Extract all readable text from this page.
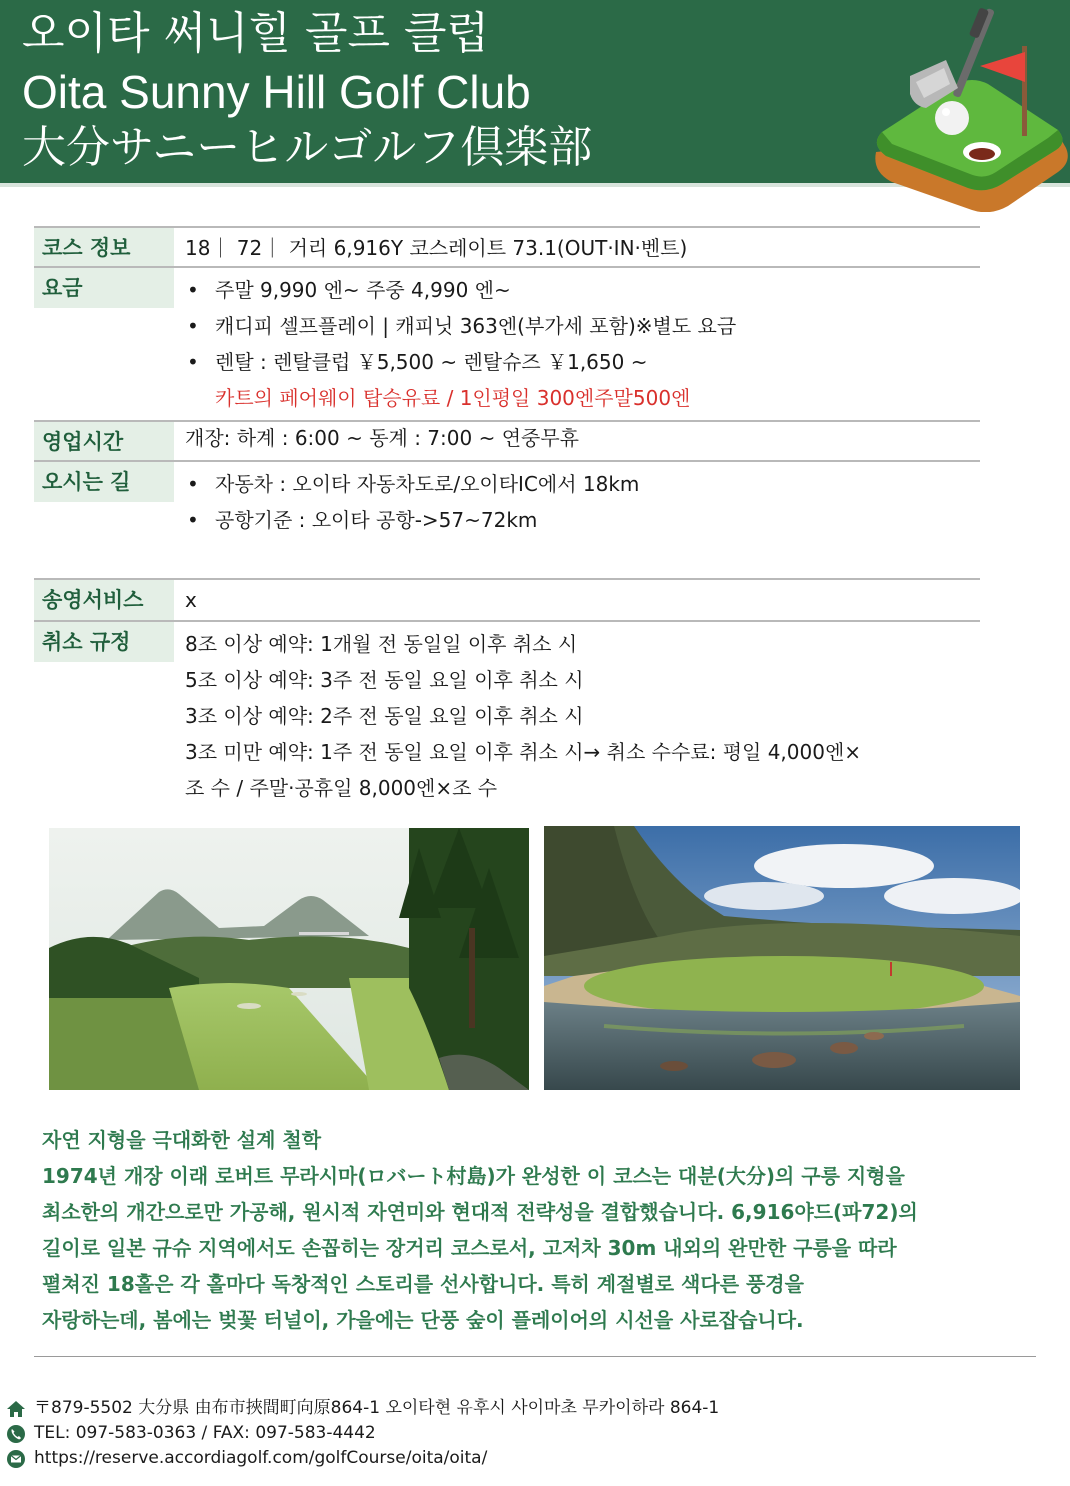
오이타 써니힐 골프 클럽
Oita Sunny Hill Golf Club
大分サニーヒルゴルフ倶楽部
코스 정보	18｜ 72｜ 거리 6,916Y 코스레이트 73.1(OUT·IN·벤트)
요금	• 주말 9,990 엔~ 주중 4,990 엔~
• 캐디피 셀프플레이 | 캐피닛 363엔(부가세 포함)※별도 요금
• 렌탈 : 렌탈클럽 ￥5,500 ~ 렌탈슈즈 ￥1,650 ~
카트의 페어웨이 탑승유료 / 1인평일 300엔주말500엔
영업시간	개장: 하계 : 6:00 ~ 동계 : 7:00 ~ 연중무휴
오시는 길	• 자동차 : 오이타 자동차도로/오이타IC에서 18km
• 공항기준 : 오이타 공항->57~72km
송영서비스	x
취소 규정	8조 이상 예약: 1개월 전 동일일 이후 취소 시
5조 이상 예약: 3주 전 동일 요일 이후 취소 시
3조 이상 예약: 2주 전 동일 요일 이후 취소 시
3조 미만 예약: 1주 전 동일 요일 이후 취소 시→ 취소 수수료: 평일 4,000엔×
조 수 / 주말·공휴일 8,000엔×조 수

자연 지형을 극대화한 설계 철학

1974년 개장 이래 로버트 무라시마(ロバート村島)가 완성한 이 코스는 대분(大分)의 구릉 지형을

최소한의 개간으로만 가공해, 원시적 자연미와 현대적 전략성을 결합했습니다. 6,916야드(파72)의

길이로 일본 규슈 지역에서도 손꼽히는 장거리 코스로서, 고저차 30m 내외의 완만한 구릉을 따라

펼쳐진 18홀은 각 홀마다 독창적인 스토리를 선사합니다. 특히 계절별로 색다른 풍경을

자랑하는데, 봄에는 벚꽃 터널이, 가을에는 단풍 숲이 플레이어의 시선을 사로잡습니다.

〒879-5502 大分県 由布市挾間町向原864-1 오이타현 유후시 사이마초 무카이하라 864-1
TEL: 097-583-0363 / FAX: 097-583-4442
https://reserve.accordiagolf.com/golfCourse/oita/oita/
